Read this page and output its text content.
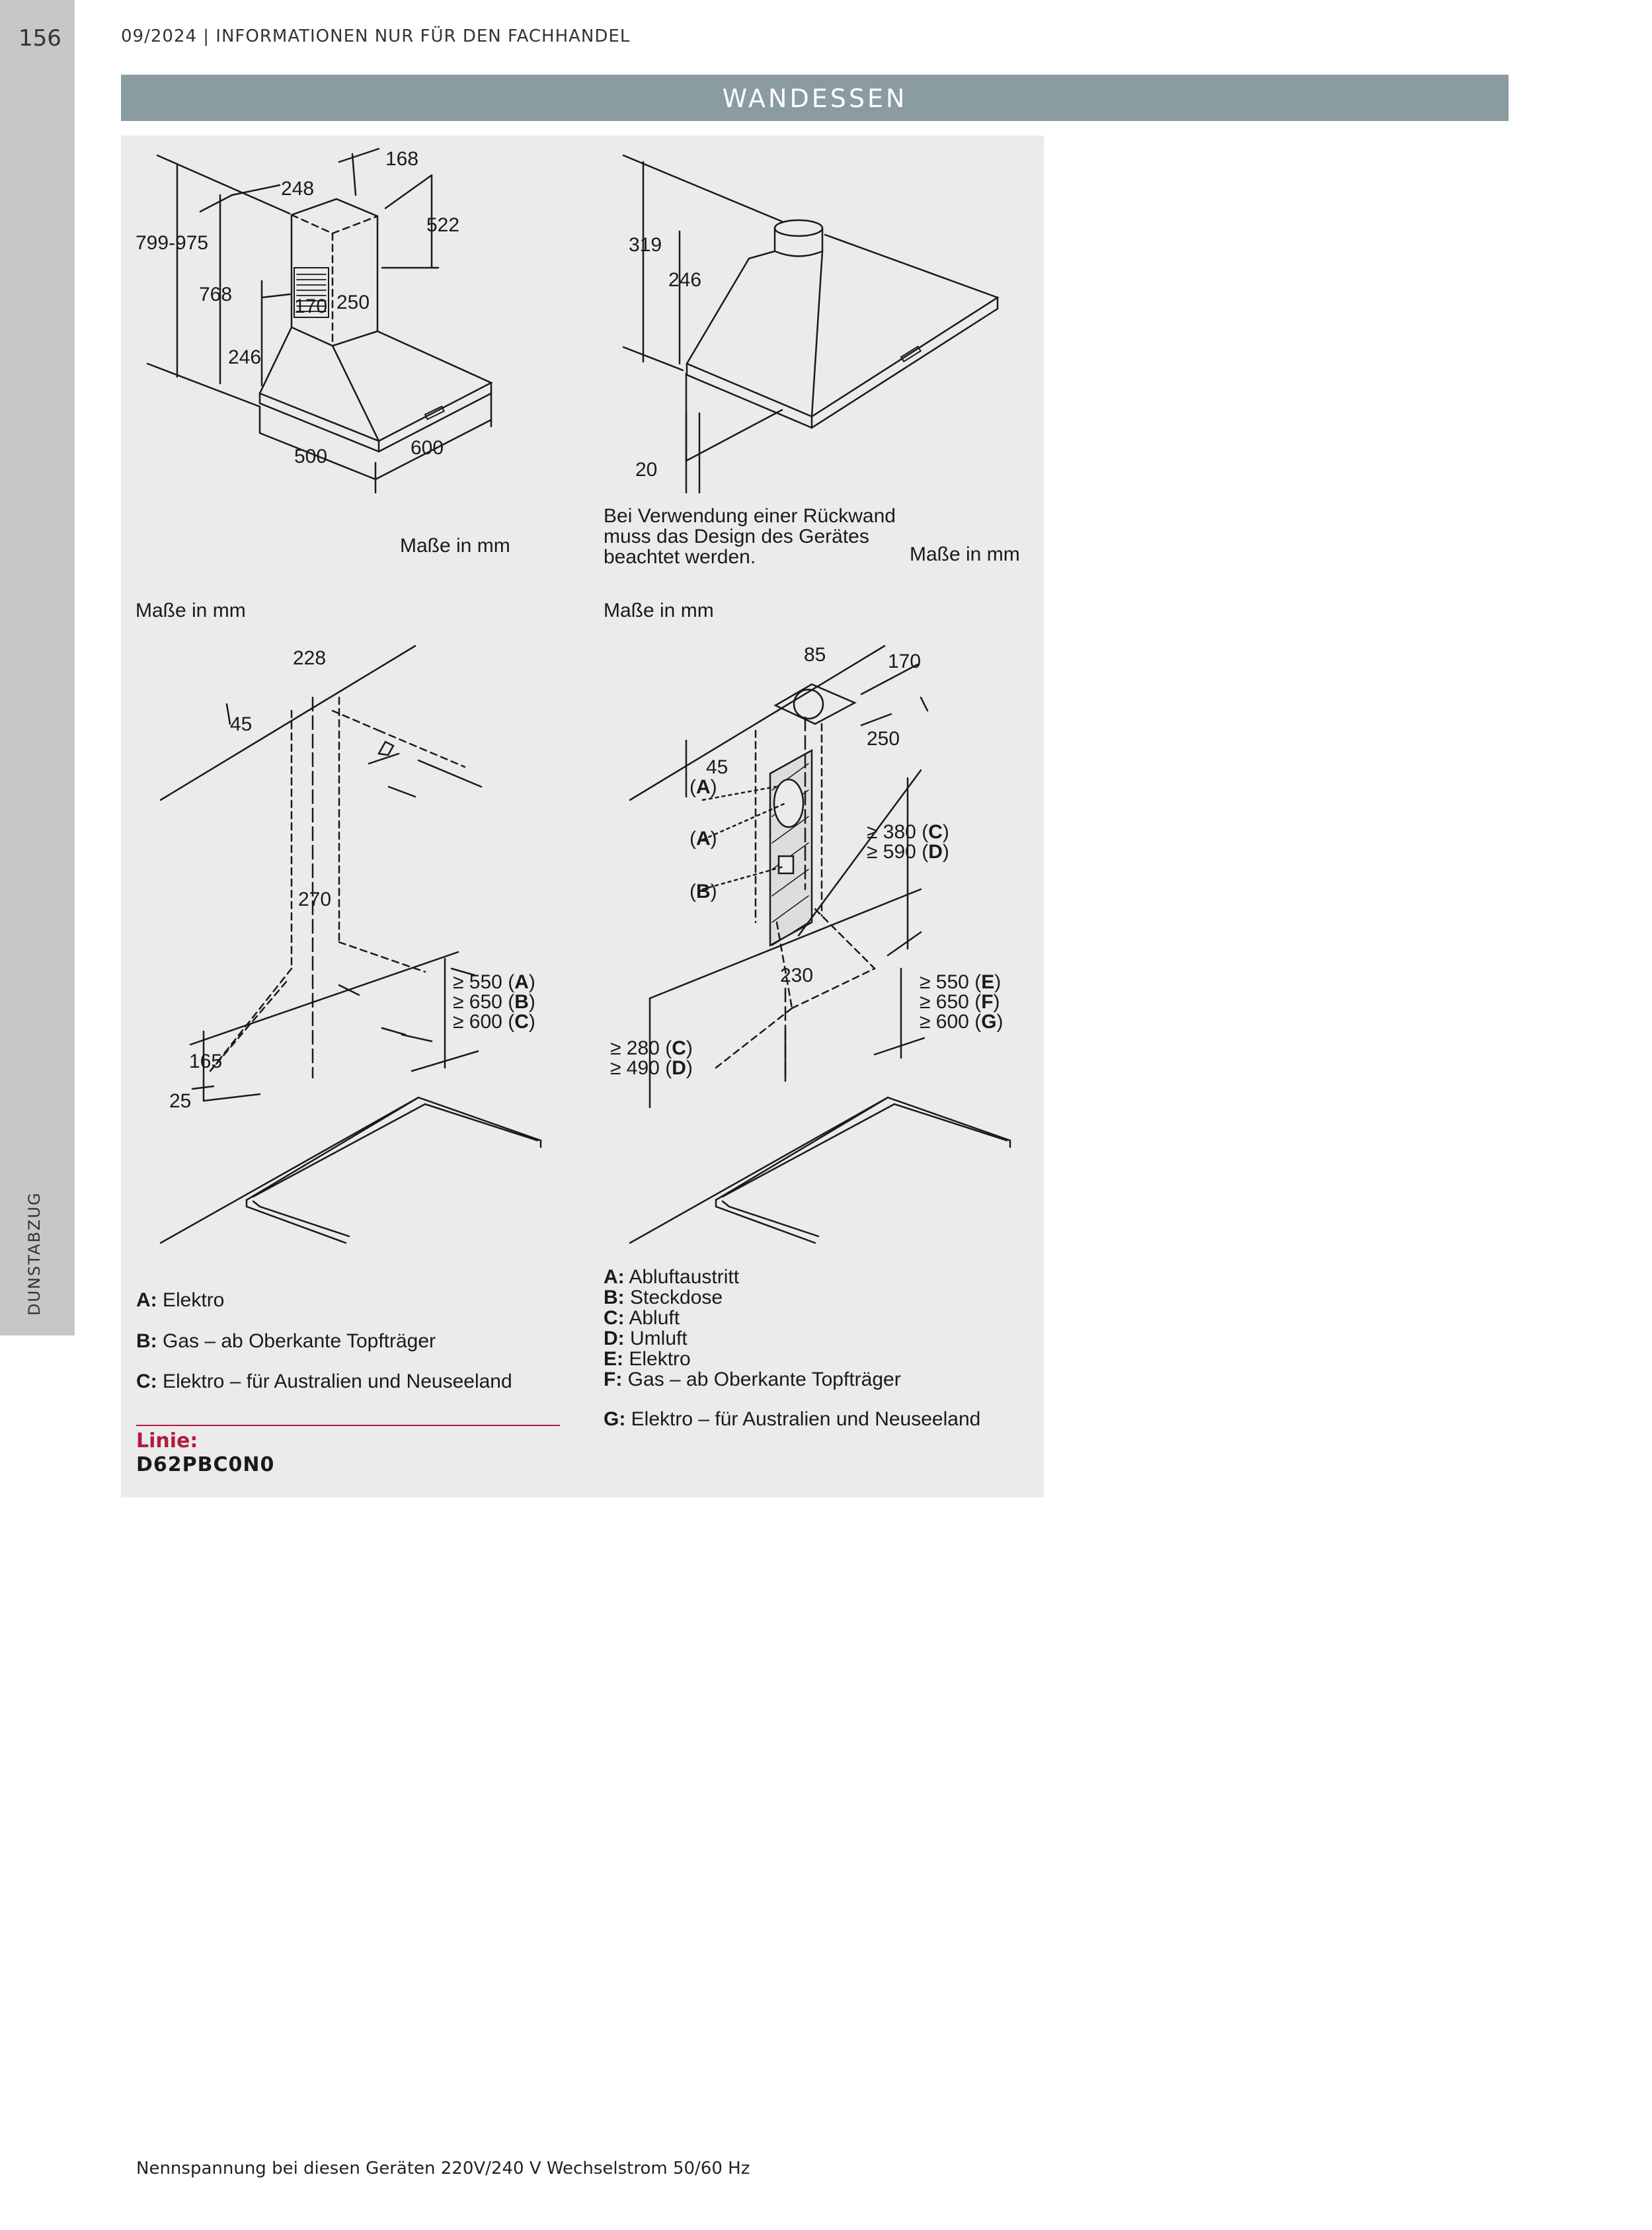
156
DUNSTABZUG
09/2024 | INFORMATIONEN NUR FÜR DEN FACHHANDEL
WANDESSEN
168
248
522
799-975
768
170 250
246
500	600
Maße in mm
319
246
20
Maße in mm
Maße in mm
228
45
270
165
25
≥ 550 (A)
≥ 650 (B)
≥ 600 (C)
Maße in mm
85	170
250
45
230
(A)
(A)
(B)
≥ 380 (C)
≥ 590 (D)
≥ 280 (C)
≥ 490 (D)
≥ 550 (E)
≥ 650 (F)
≥ 600 (G)
Bei Verwendung einer Rückwand muss das Design des Gerätes beachtet werden.
A: Elektro
B: Gas – ab Oberkante Topfträger
C: Elektro – für Australien und Neuseeland
A: Abluftaustritt
B: Steckdose
C: Abluft
D: Umluft
E: Elektro
F: Gas – ab Oberkante Topfträger
G: Elektro – für Australien und Neuseeland
Linie:
D62PBC0N0
Nennspannung bei diesen Geräten 220V/240 V Wechselstrom 50/60 Hz
